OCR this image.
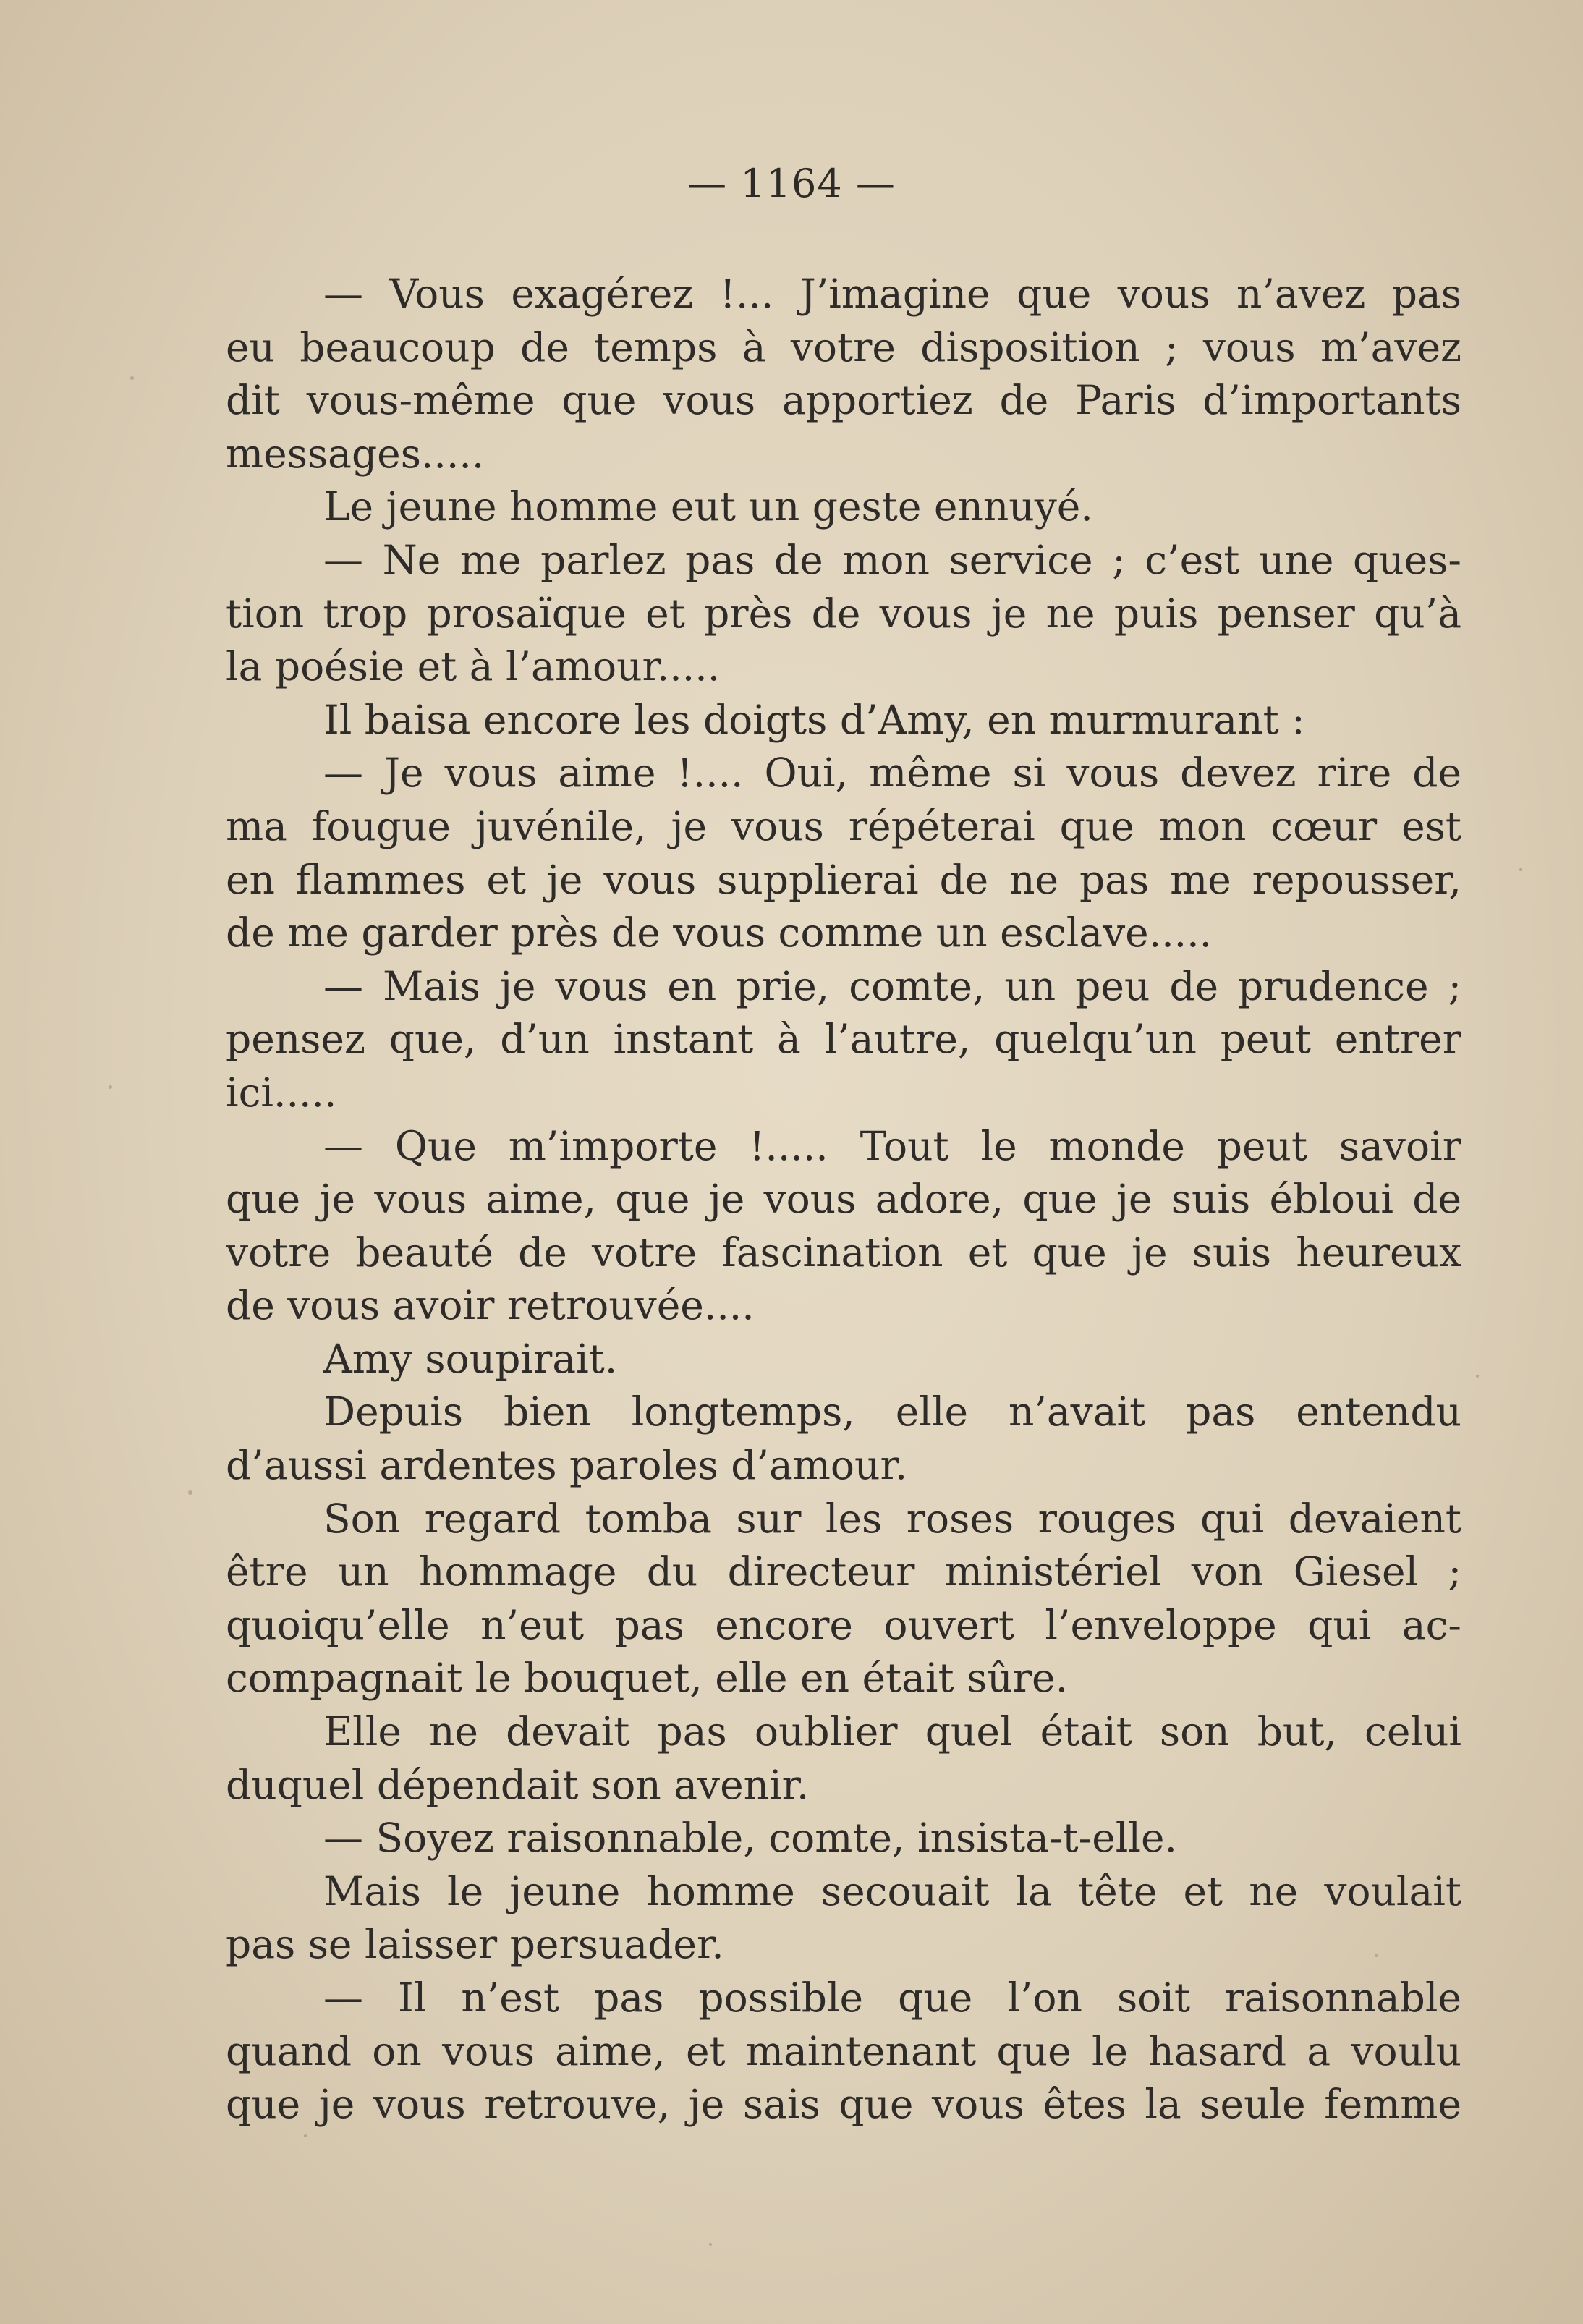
— 1164 —
— Vous exagérez !... J’imagine que vous n’avez pas
eu beaucoup de temps à votre disposition ; vous m’avez
dit vous-même que vous apportiez de Paris d’importants
messages.....
Le jeune homme eut un geste ennuyé.
— Ne me parlez pas de mon service ; c’est une ques-
tion trop prosaïque et près de vous je ne puis penser qu’à
la poésie et à l’amour.....
Il baisa encore les doigts d’Amy, en murmurant :
— Je vous aime !.... Oui, même si vous devez rire de
ma fougue juvénile, je vous répéterai que mon cœur est
en flammes et je vous supplierai de ne pas me repousser,
de me garder près de vous comme un esclave.....
— Mais je vous en prie, comte, un peu de prudence ;
pensez que, d’un instant à l’autre, quelqu’un peut entrer
ici.....
— Que m’importe !..... Tout le monde peut savoir
que je vous aime, que je vous adore, que je suis ébloui de
votre beauté de votre fascination et que je suis heureux
de vous avoir retrouvée....
Amy soupirait.
Depuis bien longtemps, elle n’avait pas entendu
d’aussi ardentes paroles d’amour.
Son regard tomba sur les roses rouges qui devaient
être un hommage du directeur ministériel von Giesel ;
quoiqu’elle n’eut pas encore ouvert l’enveloppe qui ac-
compagnait le bouquet, elle en était sûre.
Elle ne devait pas oublier quel était son but, celui
duquel dépendait son avenir.
— Soyez raisonnable, comte, insista-t-elle.
Mais le jeune homme secouait la tête et ne voulait
pas se laisser persuader.
— Il n’est pas possible que l’on soit raisonnable
quand on vous aime, et maintenant que le hasard a voulu
que je vous retrouve, je sais que vous êtes la seule femme
